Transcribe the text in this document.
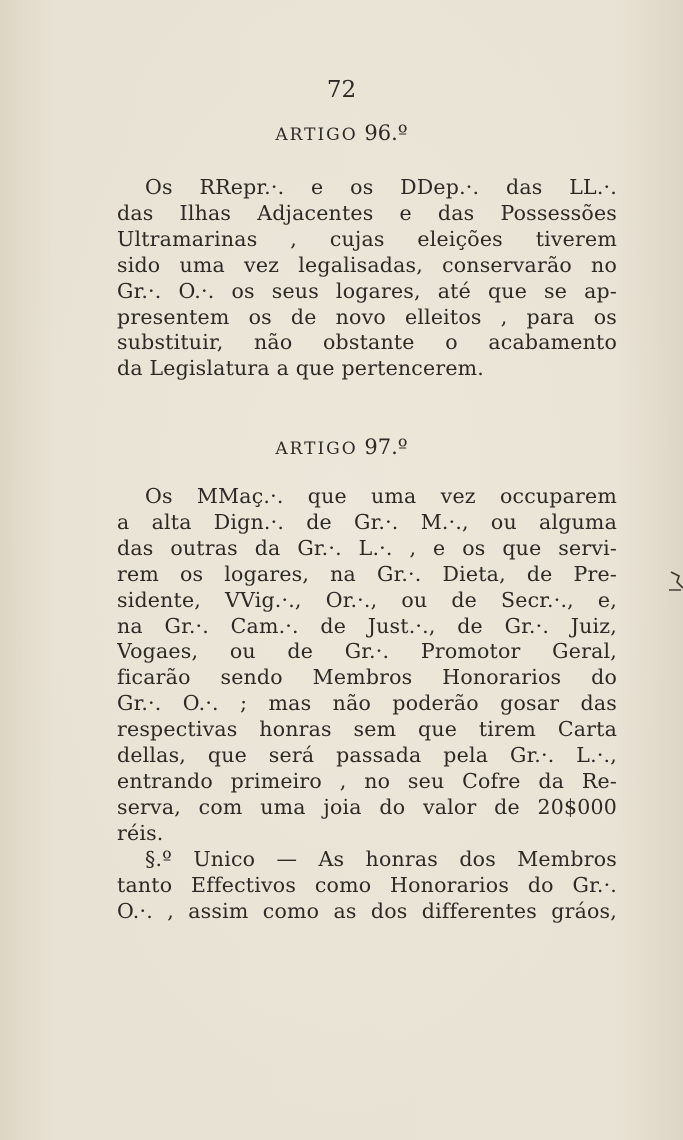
72
ARTIGO 96.º
Os RRepr.·. e os DDep.·. das LL.·.
das Ilhas Adjacentes e das Possessões
Ultramarinas , cujas eleições tiverem
sido uma vez legalisadas, conservarão no
Gr.·. O.·. os seus logares, até que se ap-
presentem os de novo elleitos , para os
substituir, não obstante o acabamento
da Legislatura a que pertencerem.
ARTIGO 97.º
Os MMaç.·. que uma vez occuparem
a alta Dign.·. de Gr.·. M.·., ou alguma
das outras da Gr.·. L.·. , e os que servi-
rem os logares, na Gr.·. Dieta, de Pre-
sidente, VVig.·., Or.·., ou de Secr.·., e,
na Gr.·. Cam.·. de Just.·., de Gr.·. Juiz,
Vogaes, ou de Gr.·. Promotor Geral,
ficarão sendo Membros Honorarios do
Gr.·. O.·. ; mas não poderão gosar das
respectivas honras sem que tirem Carta
dellas, que será passada pela Gr.·. L.·.,
entrando primeiro , no seu Cofre da Re-
serva, com uma joia do valor de 20$000
réis.
§.º Unico — As honras dos Membros
tanto Effectivos como Honorarios do Gr.·.
O.·. , assim como as dos differentes gráos,
